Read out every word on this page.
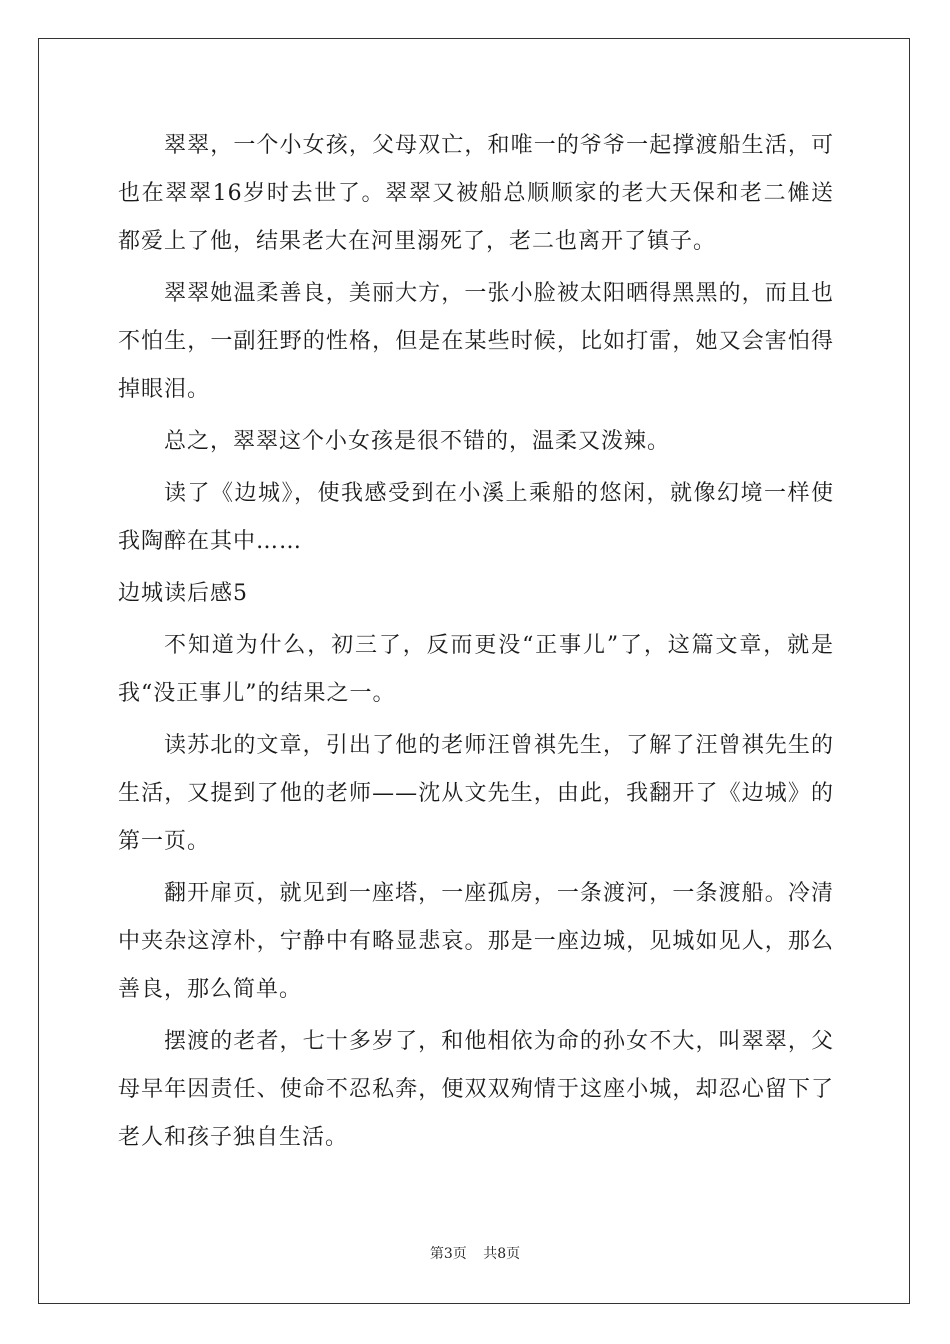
翠翠，一个小女孩，父母双亡，和唯一的爷爷一起撑渡船生活，可也在翠翠16岁时去世了。翠翠又被船总顺顺家的老大天保和老二傩送都爱上了他，结果老大在河里溺死了，老二也离开了镇子。

翠翠她温柔善良，美丽大方，一张小脸被太阳晒得黑黑的，而且也不怕生，一副狂野的性格，但是在某些时候，比如打雷，她又会害怕得掉眼泪。

总之，翠翠这个小女孩是很不错的，温柔又泼辣。

读了《边城》，使我感受到在小溪上乘船的悠闲，就像幻境一样使我陶醉在其中……

边城读后感5

不知道为什么，初三了，反而更没“正事儿”了，这篇文章，就是我“没正事儿”的结果之一。

读苏北的文章，引出了他的老师汪曾祺先生，了解了汪曾祺先生的生活，又提到了他的老师——沈从文先生，由此，我翻开了《边城》的第一页。

翻开扉页，就见到一座塔，一座孤房，一条渡河，一条渡船。冷清中夹杂这淳朴，宁静中有略显悲哀。那是一座边城，见城如见人，那么善良，那么简单。

摆渡的老者，七十多岁了，和他相依为命的孙女不大，叫翠翠，父母早年因责任、使命不忍私奔，便双双殉情于这座小城，却忍心留下了老人和孩子独自生活。

第3页 共8页
